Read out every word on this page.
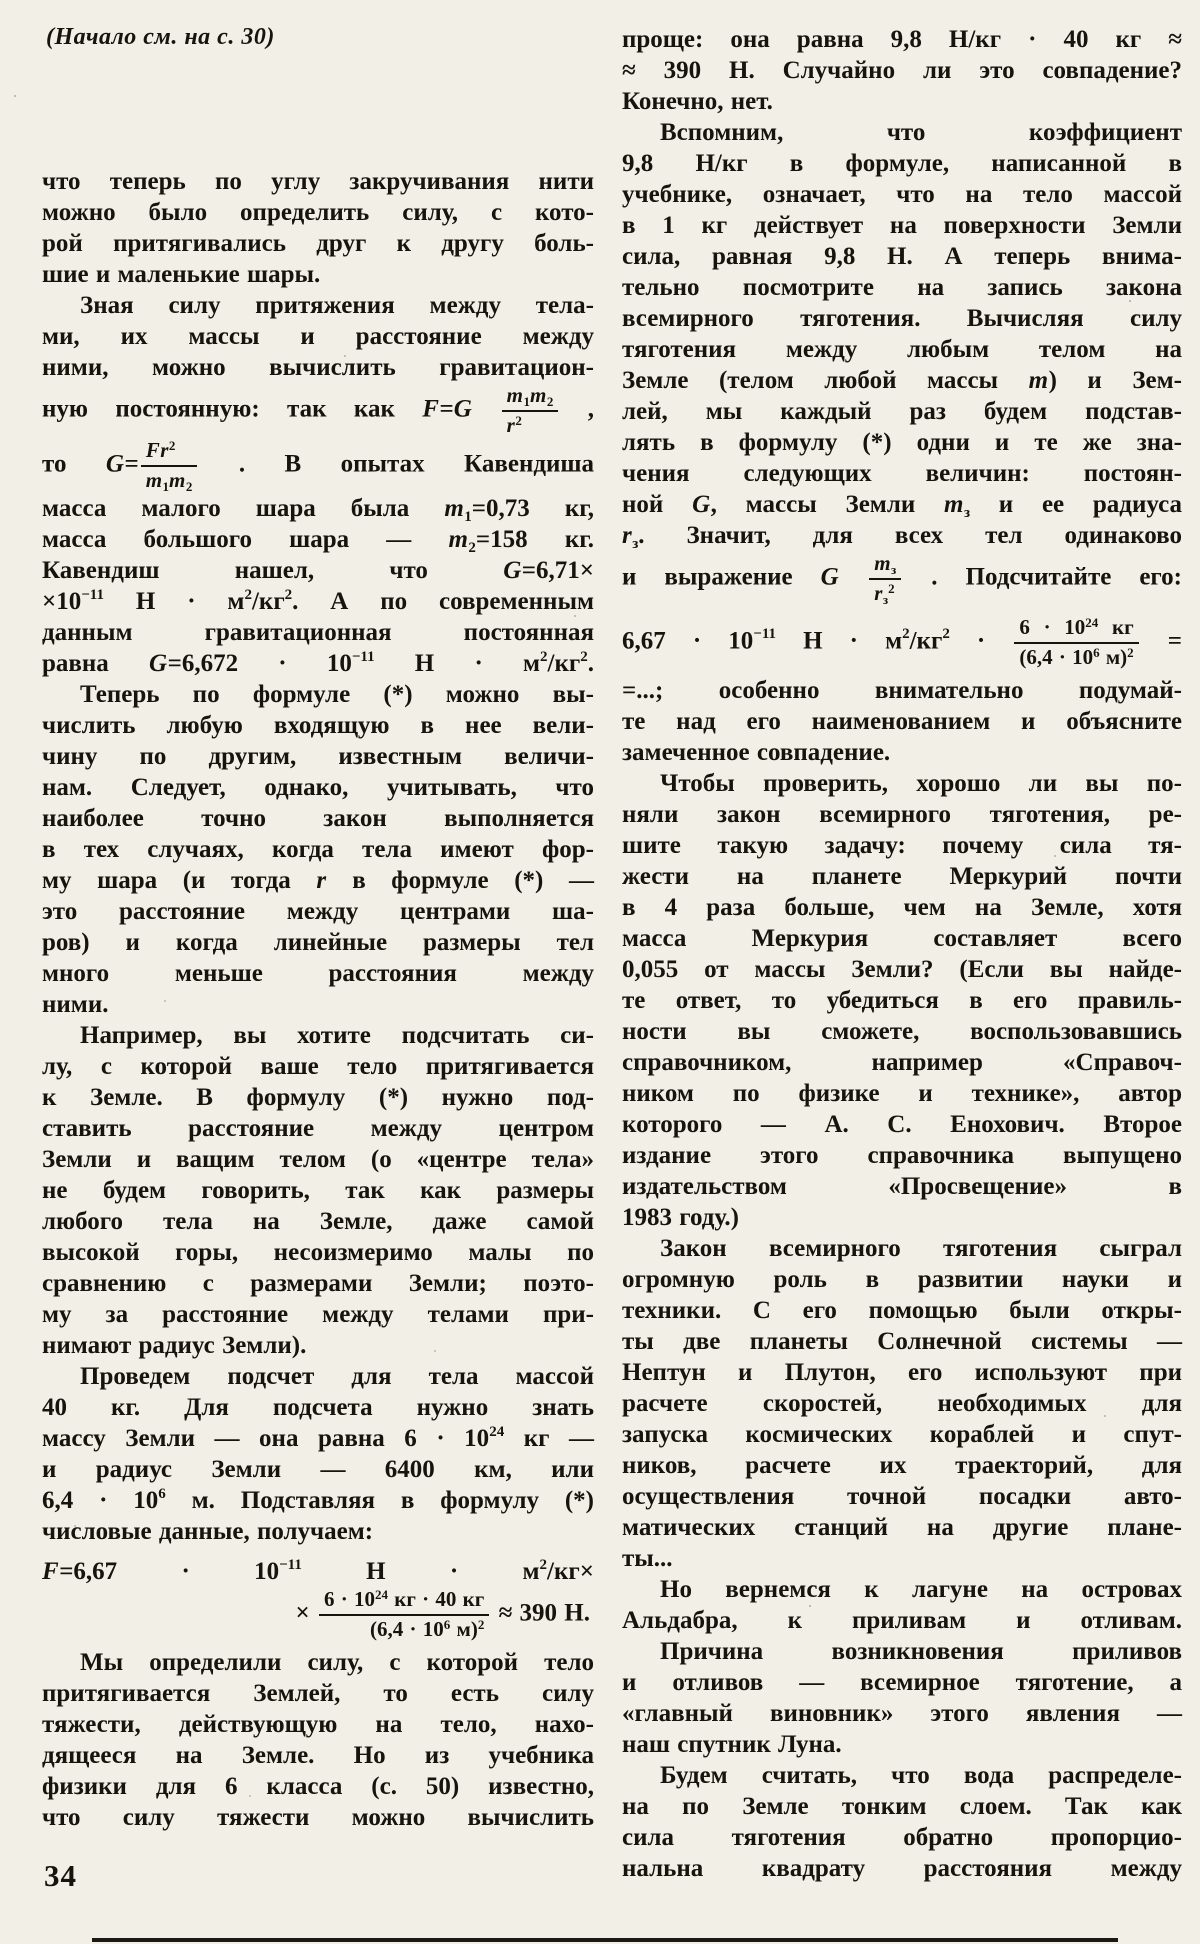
(Начало см. на с. 30)
что теперь по углу закручивания нити
можно было определить силу, с кото-
рой притягивались друг к другу боль-
шие и маленькие шары.
Зная силу притяжения между тела-
ми, их массы и расстояние между
ними, можно вычислить гравитацион-
ную постоянную: так как $F=G \frac{m_1m_2}{r^2}$ ,
то $G= \frac{Fr^2}{m_1m_2}$ . В опытах Кавендиша
масса малого шара была $m_1=0,73$ кг,
масса большого шара — $m_2=158$ кг.
Кавендиш нашел, что G=6,71×
$\times 10^{-11}$ $Н \cdot м^2/кг^2$. А по современным
данным гравитационная постоянная
равна $G=6,672 \cdot 10^{-11}$ $Н \cdot м^2/кг^2$.
Теперь по формуле (*) можно вы-
числить любую входящую в нее вели-
чину по другим, известным величи-
нам. Следует, однако, учитывать, что
наиболее точно закон выполняется
в тех случаях, когда тела имеют фор-
му шара (и тогда r в формуле (*) —
это расстояние между центрами ша-
ров) и когда линейные размеры тел
много меньше расстояния между
ними.
Например, вы хотите подсчитать си-
лу, с которой ваше тело притягивается
к Земле. В формулу (*) нужно под-
ставить расстояние между центром
Земли и ващим телом (о «центре тела»
не будем говорить, так как размеры
любого тела на Земле, даже самой
высокой горы, несоизмеримо малы по
сравнению с размерами Земли; поэто-
му за расстояние между телами при-
нимают радиус Земли).
Проведем подсчет для тела массой
40 кг. Для подсчета нужно знать
массу Земли — она равна $6 \cdot 10^{24}$ кг —
и радиус Земли — 6400 км, или
$6,4 \cdot 10^6$ м. Подставляя в формулу (*)
числовые данные, получаем:
$F=6,67 \cdot 10^{-11}$ $Н \cdot м^2/кг\times$
× $\frac{6 \cdot 10^{24} кг \cdot 40 кг}{(6,4 \cdot 10^6 м)^2} \approx 390$ Н.
Мы определили силу, с которой тело
притягивается Землей, то есть силу
тяжести, действующую на тело, нахо-
дящееся на Земле. Но из учебника
физики для 6 класса (с. 50) известно,
что силу тяжести можно вычислить
проще: она равна 9,8 Н/кг · 40 кг ≈
≈ 390 Н. Случайно ли это совпадение?
Конечно, нет.
Вспомним, что коэффициент
9,8 Н/кг в формуле, написанной в
учебнике, означает, что на тело массой
в 1 кг действует на поверхности Земли
сила, равная 9,8 Н. А теперь внима-
тельно посмотрите на запись закона
всемирного тяготения. Вычисляя силу
тяготения между любым телом на
Земле (телом любой массы m) и Зем-
лей, мы каждый раз будем подстав-
лять в формулу (*) одни и те же зна-
чения следующих величин: постоян-
ной G, массы Земли $m_з$ и ее радиуса
$r_з$. Значит, для всех тел одинаково
и выражение G $\frac{m_з}{r_з^2}$ . Подсчитайте его:
$6,67 \cdot 10^{-11}$ $Н \cdot м^2/кг^2 \cdot \frac{6 \cdot 10^{24} кг}{(6,4 \cdot 10^6 м)^2}$ =
=...; особенно внимательно подумай-
те над его наименованием и объясните
замеченное совпадение.
Чтобы проверить, хорошо ли вы по-
няли закон всемирного тяготения, ре-
шите такую задачу: почему сила тя-
жести на планете Меркурий почти
в 4 раза больше, чем на Земле, хотя
масса Меркурия составляет всего
0,055 от массы Земли? (Если вы найде-
те ответ, то убедиться в его правиль-
ности вы сможете, воспользовавшись
справочником, например «Справоч-
ником по физике и технике», автор
которого — А. С. Енохович. Второе
издание этого справочника выпущено
издательством «Просвещение» в
1983 году.)
Закон всемирного тяготения сыграл
огромную роль в развитии науки и
техники. С его помощью были откры-
ты две планеты Солнечной системы —
Нептун и Плутон, его используют при
расчете скоростей, необходимых для
запуска космических кораблей и спут-
ников, расчете их траекторий, для
осуществления точной посадки авто-
матических станций на другие плане-
ты...
Но вернемся к лагуне на островах
Альдабра, к приливам и отливам.
Причина возникновения приливов
и отливов — всемирное тяготение, а
«главный виновник» этого явления —
наш спутник Луна.
Будем считать, что вода распределе-
на по Земле тонким слоем. Так как
сила тяготения обратно пропорцио-
нальна квадрату расстояния между
34
